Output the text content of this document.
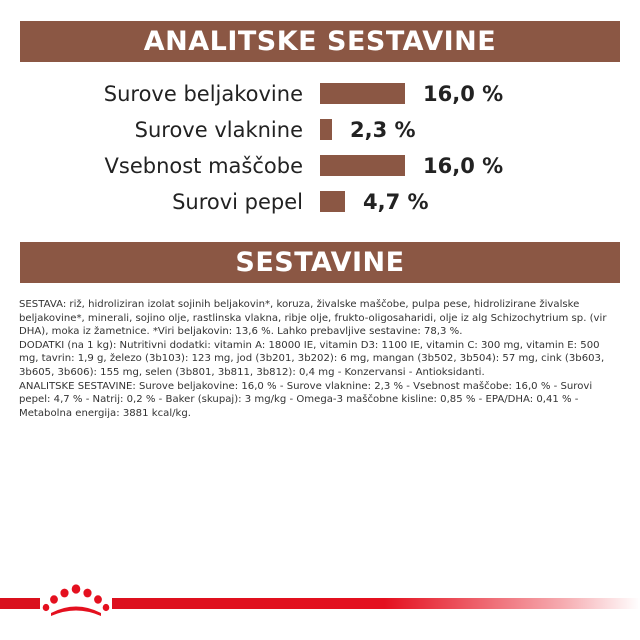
ANALITSKE SESTAVINE
Surove beljakovine	16,0 %
Surove vlaknine 2,3 %
Vsebnost maščobe	16,0 %
Surovi pepel	4,7 %
SESTAVINE

SESTAVA: riž, hidroliziran izolat sojinih beljakovin*, koruza, živalske maščobe, pulpa pese, hidrolizirane živalske beljakovine*, minerali, sojino olje, rastlinska vlakna, ribje olje, frukto-oligosaharidi, olje iz alg Schizochytrium sp. (vir DHA), moka iz žametnice. *Viri beljakovin: 13,6 %. Lahko prebavljive sestavine: 78,3 %.

DODATKI (na 1 kg): Nutritivni dodatki: vitamin A: 18000 IE, vitamin D3: 1100 IE, vitamin C: 300 mg, vitamin E: 500 mg, tavrin: 1,9 g, železo (3b103): 123 mg, jod (3b201, 3b202): 6 mg, mangan (3b502, 3b504): 57 mg, cink (3b603, 3b605, 3b606): 155 mg, selen (3b801, 3b811, 3b812): 0,4 mg - Konzervansi - Antioksidanti.

ANALITSKE SESTAVINE: Surove beljakovine: 16,0 % - Surove vlaknine: 2,3 % - Vsebnost maščobe: 16,0 % - Surovi pepel: 4,7 % - Natrij: 0,2 % - Baker (skupaj): 3 mg/kg - Omega-3 maščobne kisline: 0,85 % - EPA/DHA: 0,41 % - Metabolna energija: 3881 kcal/kg.
